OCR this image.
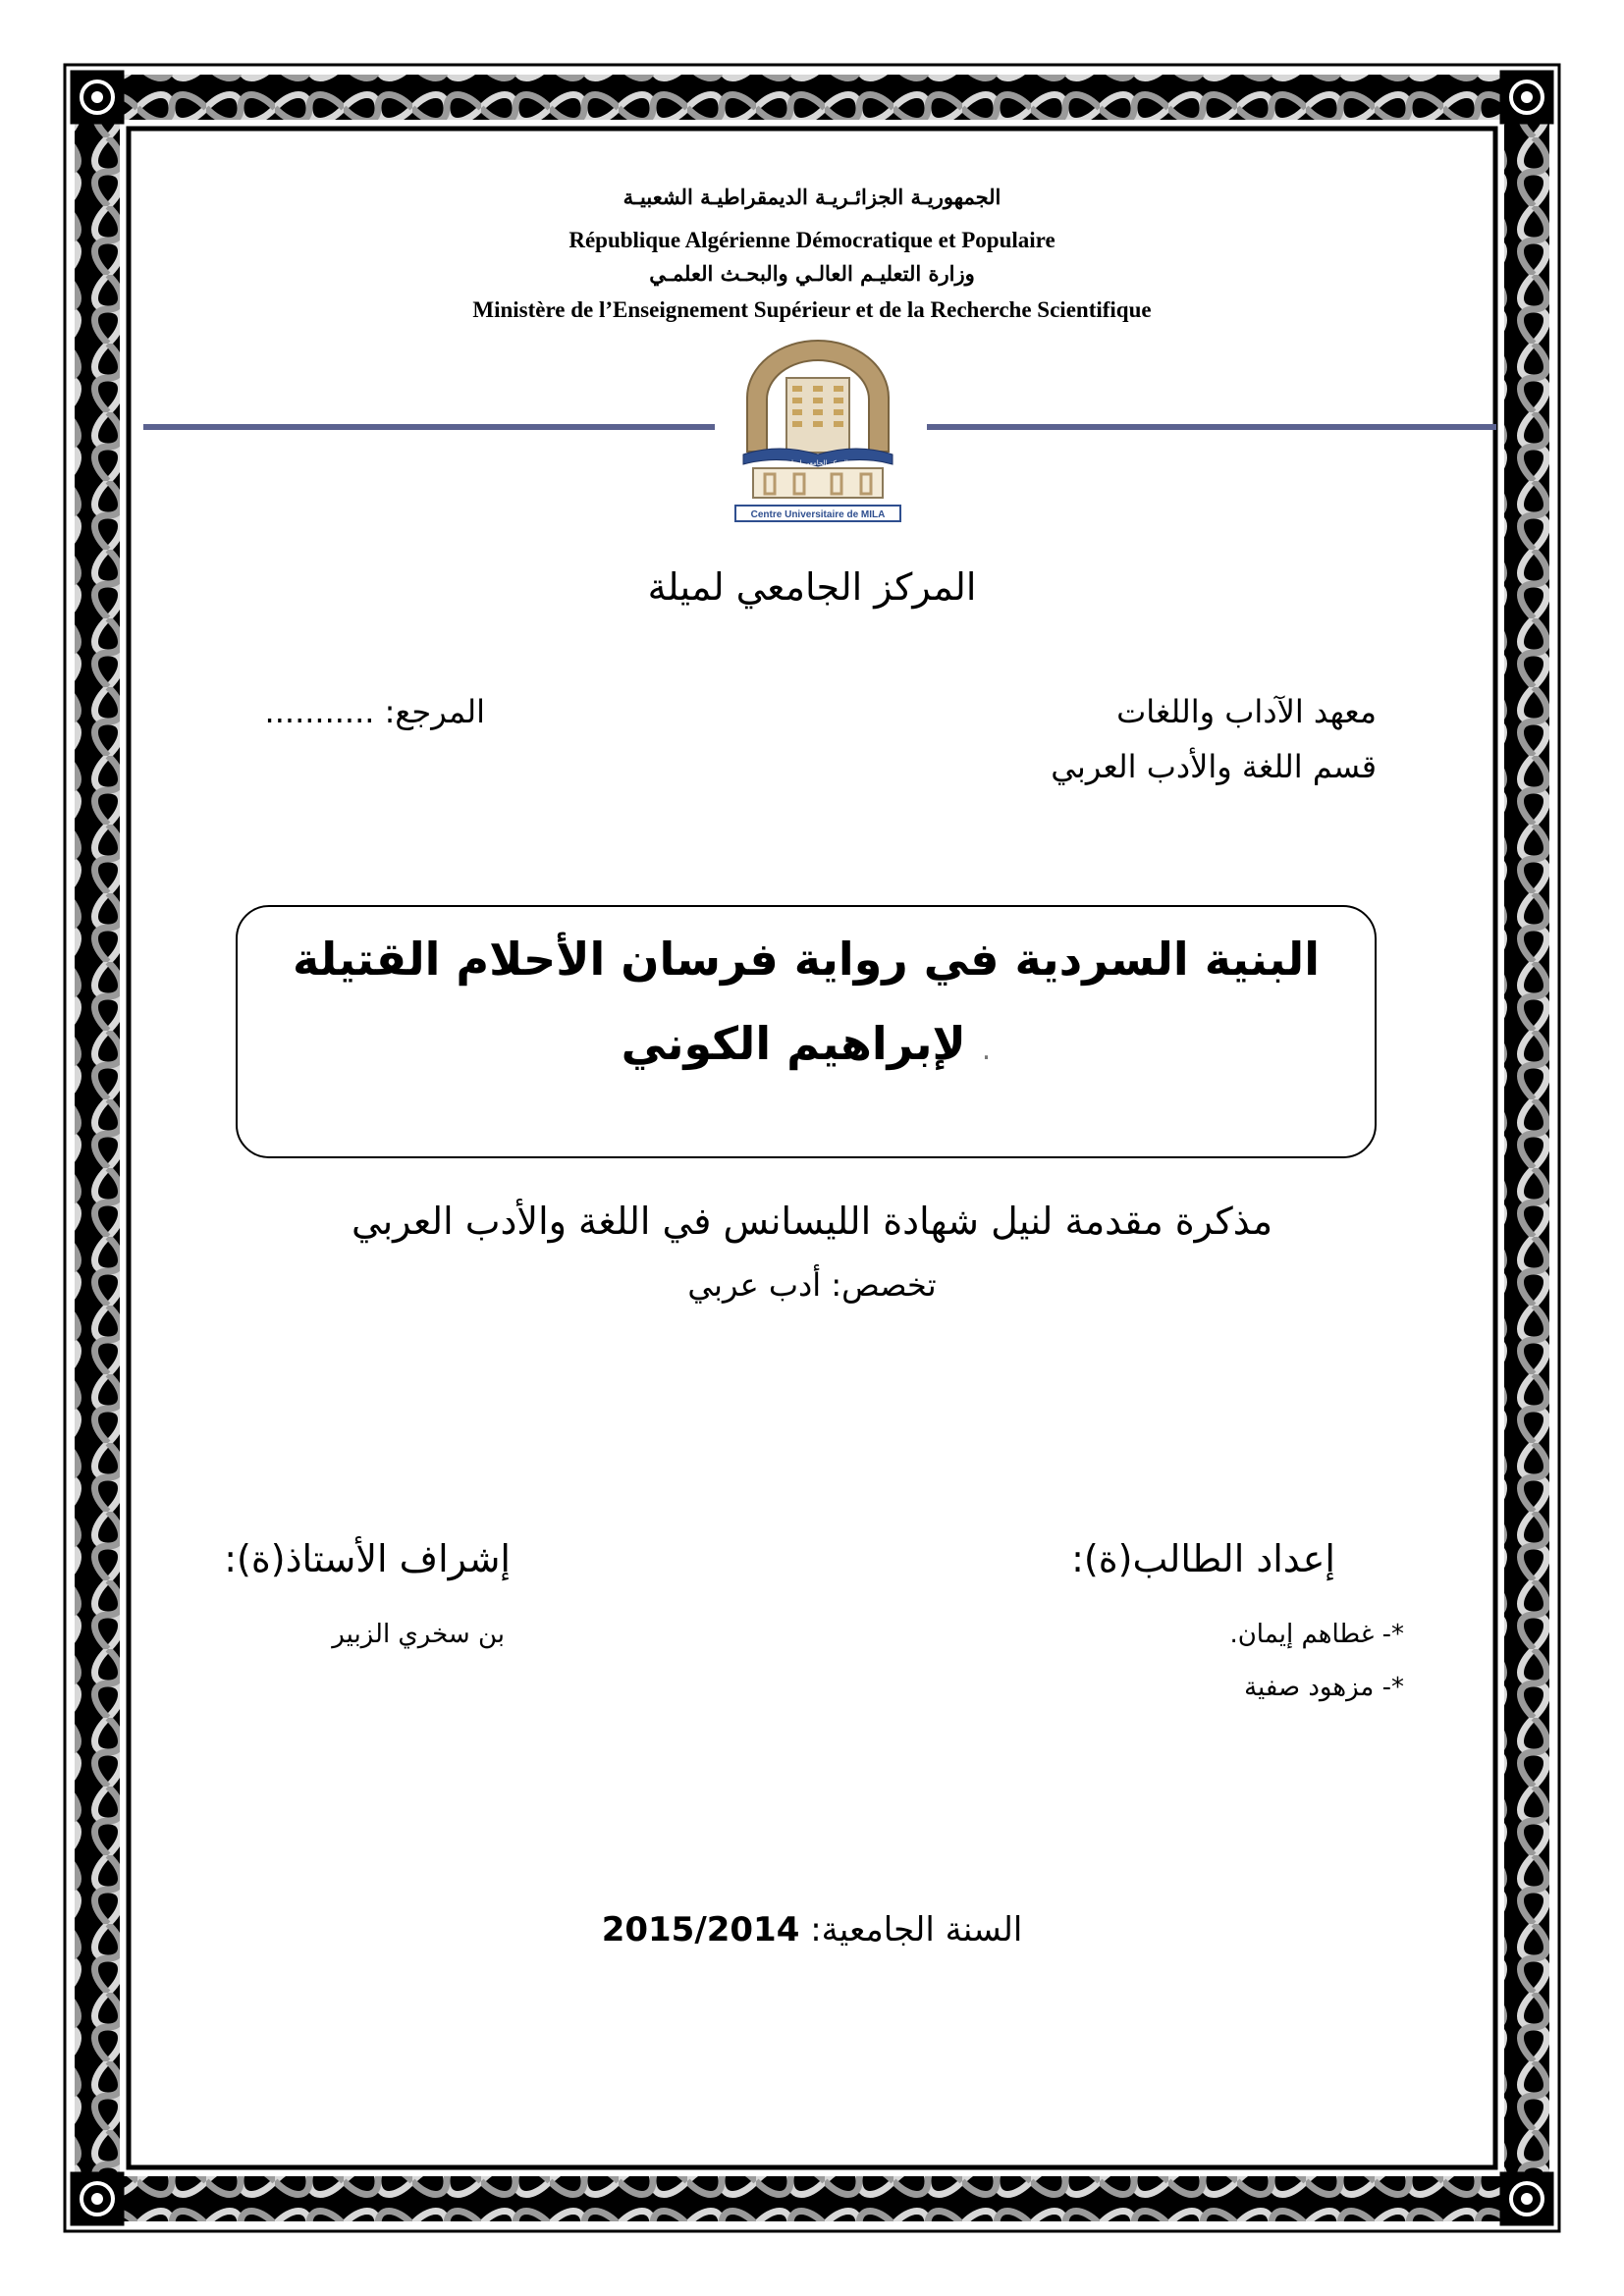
الجمهوريـة الجزائـريـة الديمقراطيـة الشعبيـة
République Algérienne Démocratique et Populaire
وزارة التعليـم العالـي والبحـث العلمـي
Ministère de l’Enseignement Supérieur et de la Recherche Scientifique
المركز الجامعي لميلة
Centre Universitaire de MILA
المركز الجامعي لميلة
معهد الآداب واللغات
قسم اللغة والأدب العربي
المرجع: ...........
البنية السردية في رواية فرسان الأحلام القتيلة
. لإبراهيم الكوني
مذكرة مقدمة لنيل شهادة الليسانس في اللغة والأدب العربي
تخصص: أدب عربي
إعداد الطالب(ة):
*- غطاهم إيمان.
*- مزهود صفية
إشراف الأستاذ(ة):
بن سخري الزبير
السنة الجامعية: 2015/2014
